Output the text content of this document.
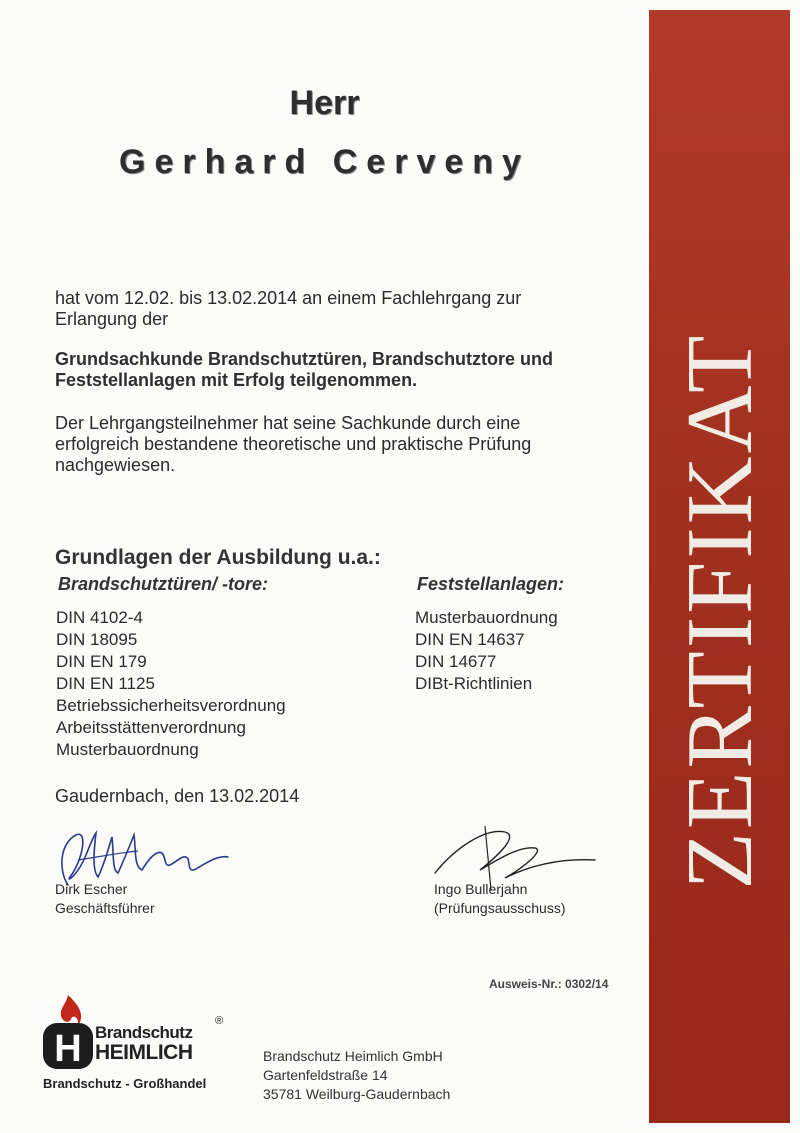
ZERTIFIKAT
Herr
Gerhard Cerveny
hat vom 12.02. bis 13.02.2014 an einem Fachlehrgang zur
Erlangung der
Grundsachkunde Brandschutztüren, Brandschutztore und
Feststellanlagen mit Erfolg teilgenommen.
Der Lehrgangsteilnehmer hat seine Sachkunde durch eine
erfolgreich bestandene theoretische und praktische Prüfung
nachgewiesen.
Grundlagen der Ausbildung u.a.:
Brandschutztüren/ -tore:	Feststellanlagen:
DIN 4102-4
DIN 18095
DIN EN 179
DIN EN 1125
Betriebssicherheitsverordnung
Arbeitsstättenverordnung
Musterbauordnung
Musterbauordnung
DIN EN 14637
DIN 14677
DIBt-Richtlinien
Gaudernbach, den 13.02.2014
Dirk Escher
Geschäftsführer
Ingo Bullerjahn
(Prüfungsausschuss)
Ausweis-Nr.: 0302/14
H Brandschutz
®
HEIMLICH
Brandschutz - Großhandel
Brandschutz Heimlich GmbH
Gartenfeldstraße 14
35781 Weilburg-Gaudernbach
